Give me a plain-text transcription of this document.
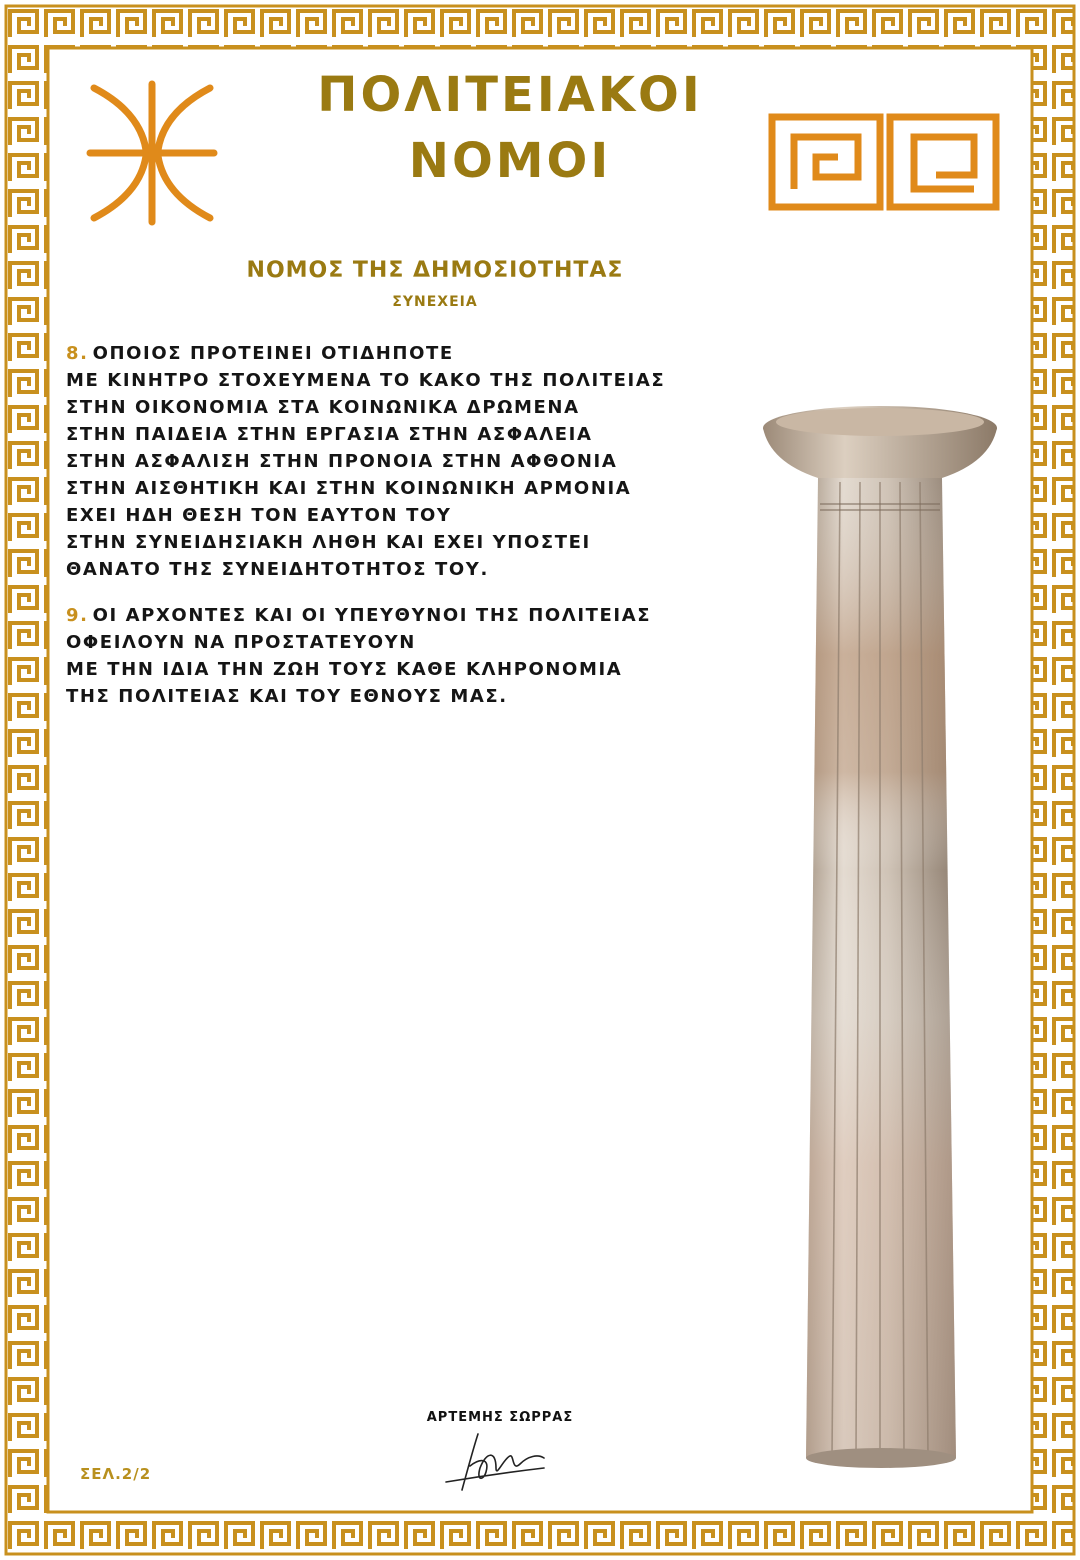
ΠΟΛΙΤΕΙΑΚΟΙ
ΝΟΜΟΙ
ΝΟΜΟΣ ΤΗΣ ΔΗΜΟΣΙΟΤΗΤΑΣ
ΣΥΝΕΧΕΙΑ
8. ΟΠΟΙΟΣ ΠΡΟΤΕΙΝΕΙ ΟΤΙΔΗΠΟΤΕ
ΜΕ ΚΙΝΗΤΡΟ ΣΤΟΧΕΥΜΕΝΑ ΤΟ ΚΑΚΟ ΤΗΣ ΠΟΛΙΤΕΙΑΣ
ΣΤΗΝ ΟΙΚΟΝΟΜΙΑ ΣΤΑ ΚΟΙΝΩΝΙΚΑ ΔΡΩΜΕΝΑ
ΣΤΗΝ ΠΑΙΔΕΙΑ ΣΤΗΝ ΕΡΓΑΣΙΑ ΣΤΗΝ ΑΣΦΑΛΕΙΑ
ΣΤΗΝ ΑΣΦΑΛΙΣΗ ΣΤΗΝ ΠΡΟΝΟΙΑ ΣΤΗΝ ΑΦΘΟΝΙΑ
ΣΤΗΝ ΑΙΣΘΗΤΙΚΗ ΚΑΙ ΣΤΗΝ ΚΟΙΝΩΝΙΚΗ ΑΡΜΟΝΙΑ
ΕΧΕΙ ΗΔΗ ΘΕΣΗ ΤΟΝ ΕΑΥΤΟΝ ΤΟΥ
ΣΤΗΝ ΣΥΝΕΙΔΗΣΙΑΚΗ ΛΗΘΗ ΚΑΙ ΕΧΕΙ ΥΠΟΣΤΕΙ
ΘΑΝΑΤΟ ΤΗΣ ΣΥΝΕΙΔΗΤΟΤΗΤΟΣ ΤΟΥ.
9. ΟΙ ΑΡΧΟΝΤΕΣ ΚΑΙ ΟΙ ΥΠΕΥΘΥΝΟΙ ΤΗΣ ΠΟΛΙΤΕΙΑΣ
ΟΦΕΙΛΟΥΝ ΝΑ ΠΡΟΣΤΑΤΕΥΟΥΝ
ΜΕ ΤΗΝ ΙΔΙΑ ΤΗΝ ΖΩΗ ΤΟΥΣ ΚΑΘΕ ΚΛΗΡΟΝΟΜΙΑ
ΤΗΣ ΠΟΛΙΤΕΙΑΣ ΚΑΙ ΤΟΥ ΕΘΝΟΥΣ ΜΑΣ.
ΑΡΤΕΜΗΣ ΣΩΡΡΑΣ
ΣΕΛ.2/2
